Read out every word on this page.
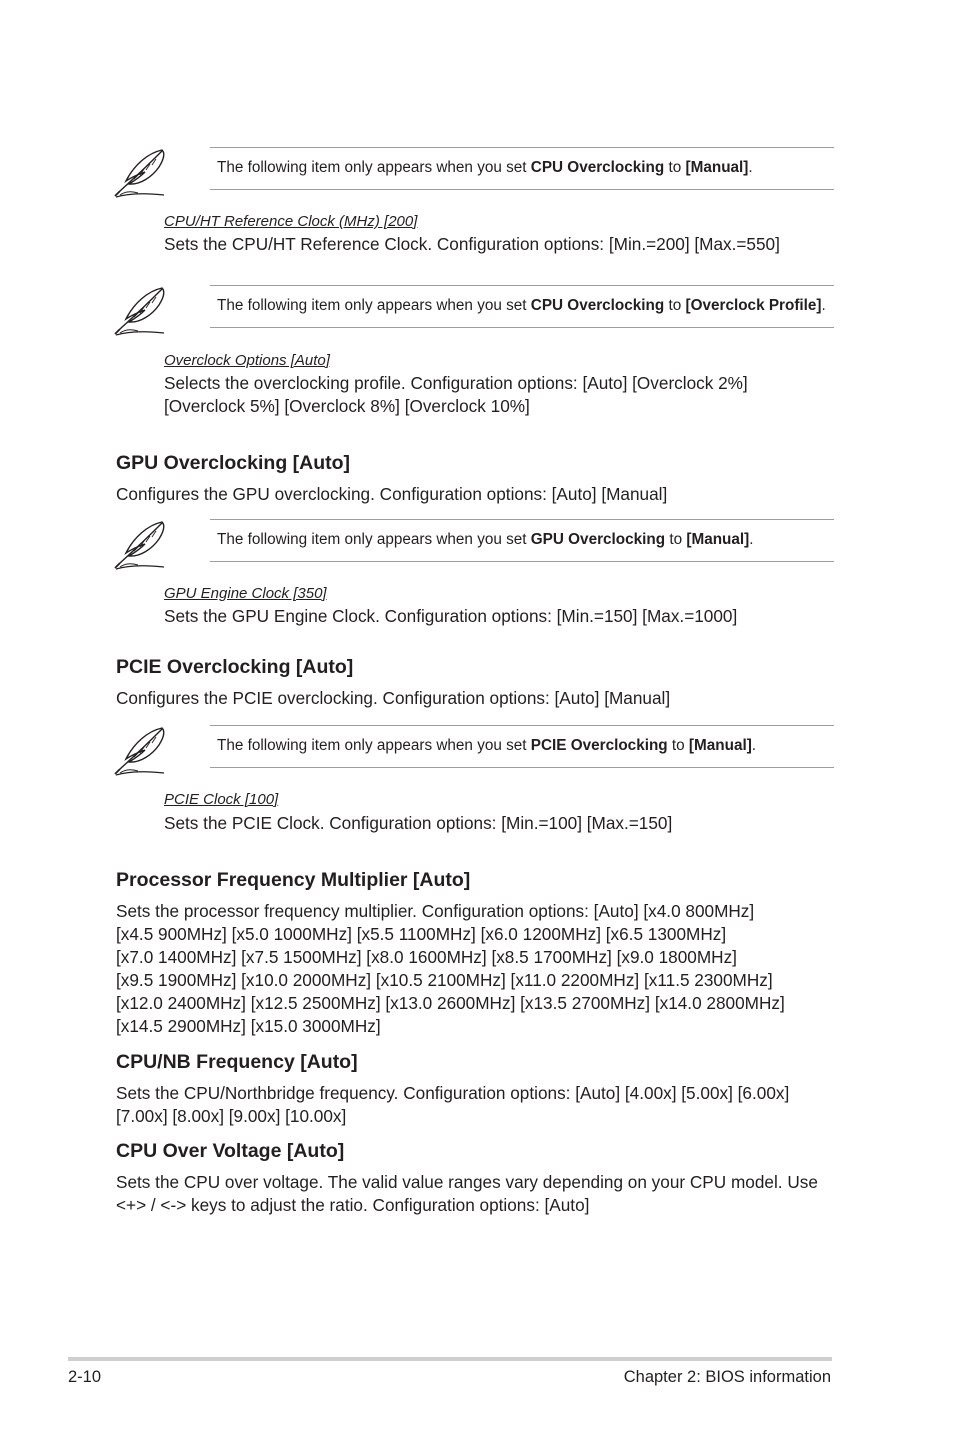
The following item only appears when you set CPU Overclocking to [Manual].

CPU/HT Reference Clock (MHz) [200]
Sets the CPU/HT Reference Clock. Configuration options: [Min.=200] [Max.=550]

The following item only appears when you set CPU Overclocking to [Overclock Profile].

Overclock Options [Auto]
Selects the overclocking profile. Configuration options: [Auto] [Overclock 2%]
[Overclock 5%] [Overclock 8%] [Overclock 10%]
GPU Overclocking [Auto]
Configures the GPU overclocking. Configuration options: [Auto] [Manual]

The following item only appears when you set GPU Overclocking to [Manual].

GPU Engine Clock [350]
Sets the GPU Engine Clock. Configuration options: [Min.=150] [Max.=1000]
PCIE Overclocking [Auto]
Configures the PCIE overclocking. Configuration options: [Auto] [Manual]

The following item only appears when you set PCIE Overclocking to [Manual].

PCIE Clock [100]
Sets the PCIE Clock. Configuration options: [Min.=100] [Max.=150]
Processor Frequency Multiplier [Auto]
Sets the processor frequency multiplier. Configuration options: [Auto] [x4.0 800MHz]
[x4.5 900MHz] [x5.0 1000MHz] [x5.5 1100MHz] [x6.0 1200MHz] [x6.5 1300MHz]
[x7.0 1400MHz] [x7.5 1500MHz] [x8.0 1600MHz] [x8.5 1700MHz] [x9.0 1800MHz]
[x9.5 1900MHz] [x10.0 2000MHz] [x10.5 2100MHz] [x11.0 2200MHz] [x11.5 2300MHz]
[x12.0 2400MHz] [x12.5 2500MHz] [x13.0 2600MHz] [x13.5 2700MHz] [x14.0 2800MHz]
[x14.5 2900MHz] [x15.0 3000MHz]
CPU/NB Frequency [Auto]
Sets the CPU/Northbridge frequency. Configuration options: [Auto] [4.00x] [5.00x] [6.00x]
[7.00x] [8.00x] [9.00x] [10.00x]
CPU Over Voltage [Auto]
Sets the CPU over voltage. The valid value ranges vary depending on your CPU model. Use
<+> / <-> keys to adjust the ratio. Configuration options: [Auto]
2-10	Chapter 2: BIOS information
